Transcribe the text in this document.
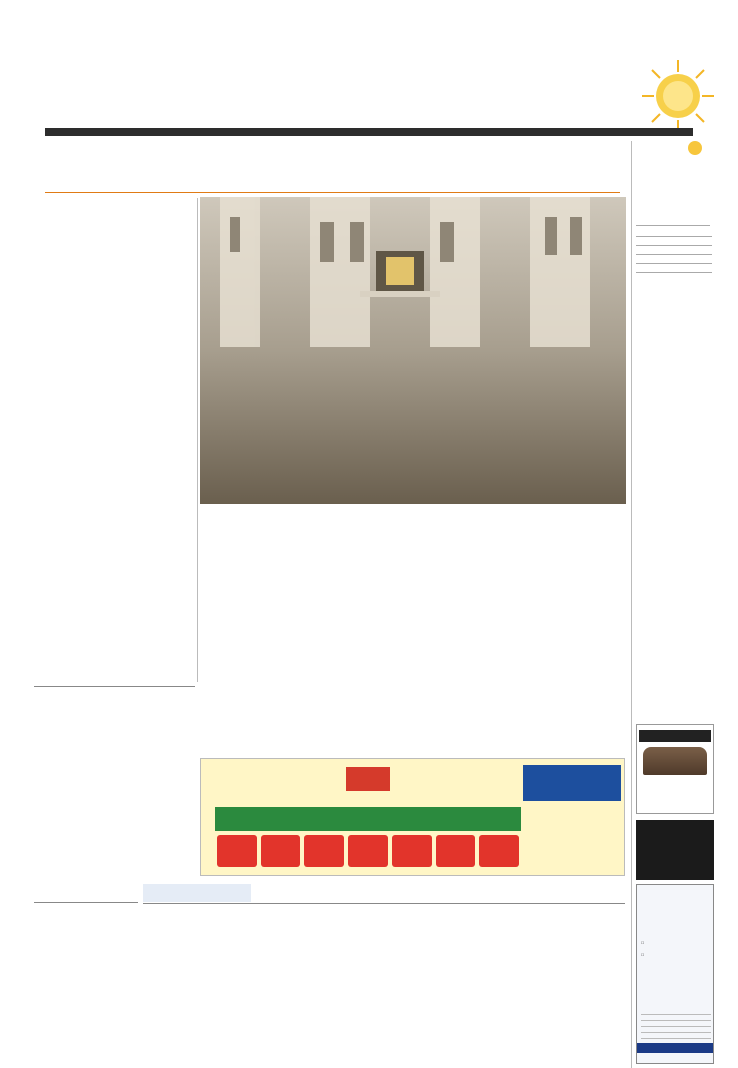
☐
☐
